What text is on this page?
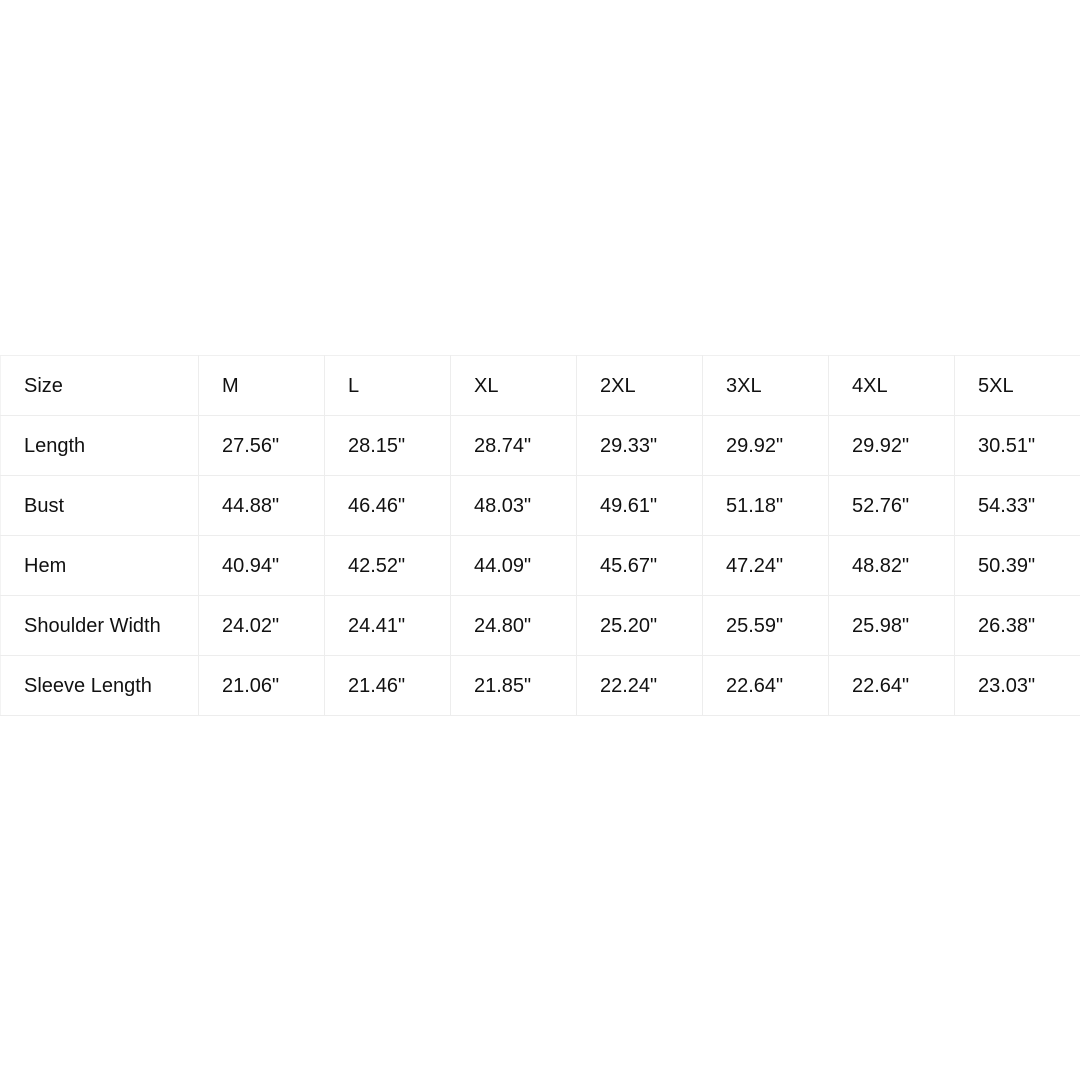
Size	M	L	XL	2XL	3XL	4XL	5XL
Length	27.56"	28.15"	28.74"	29.33"	29.92"	29.92"	30.51"
Bust	44.88"	46.46"	48.03"	49.61"	51.18"	52.76"	54.33"
Hem	40.94"	42.52"	44.09"	45.67"	47.24"	48.82"	50.39"
Shoulder Width	24.02"	24.41"	24.80"	25.20"	25.59"	25.98"	26.38"
Sleeve Length	21.06"	21.46"	21.85"	22.24"	22.64"	22.64"	23.03"
